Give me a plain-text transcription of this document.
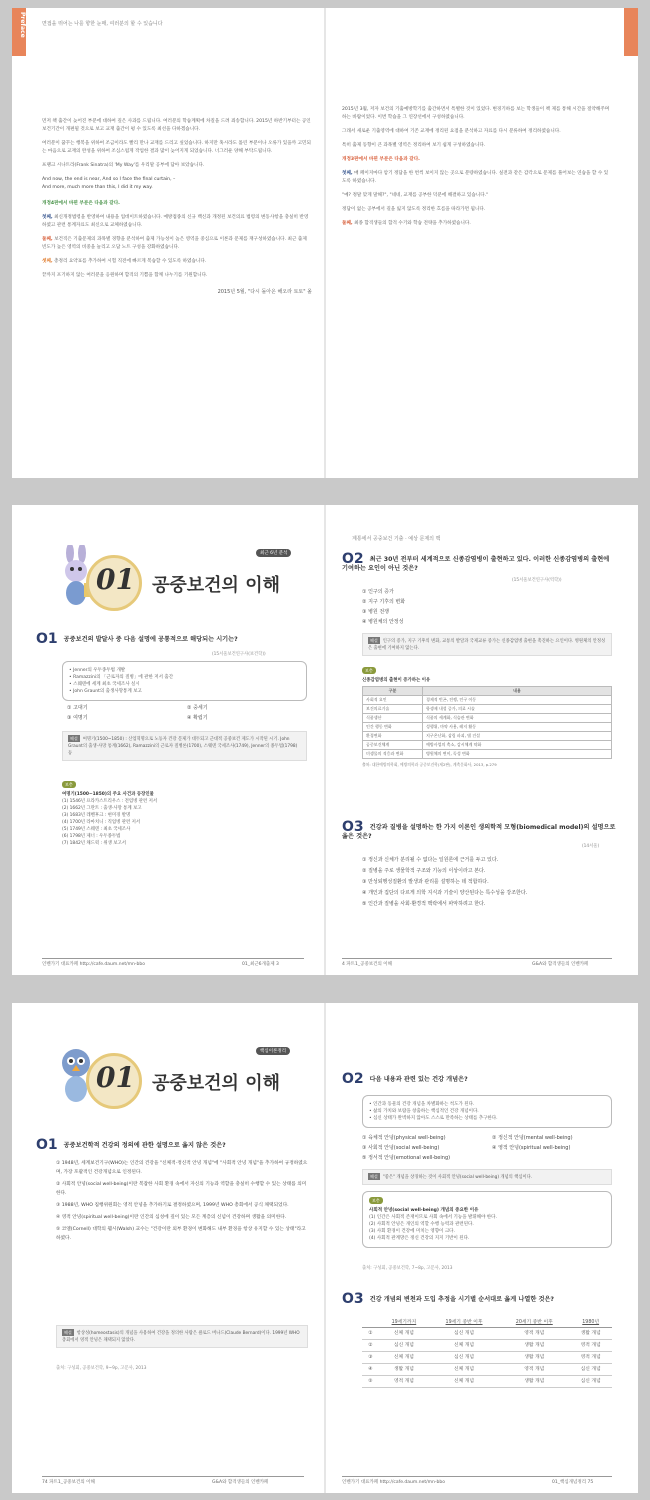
Preface	면접을 뛰어는 나를 향한 눈매, 여러분의 할 수 있습니다

먼저 책 출간이 늦어진 부분에 대하여 깊은 사과를 드립니다. 여러분의 학습계획에 차질을 드려 죄송합니다. 2015년 하반기부터는 공인보건기간이 개편될 것으로 보고 교재 출간이 평 수 있도록 최선을 다하겠습니다.

여러분이 꿈꾸는 행복을 위하여 조금이라도 빨리 만나 교재를 드리고 싶었습니다. 하지만 혹시라도 틀린 부분이나 오류가 있을까 고민되는 마음으로 교재의 완성을 위하여 조심스럽게 작업한 결과 많이 늦어지게 되었습니다. 너그러운 양해 부탁드립니다.

프랭크 시나트라(Frank Sinatra)의 'My Way'를 우리말 공부에 담아 보았습니다.

And now, the end is near, And so I face the final curtain, –
And more, much more than this, I did it my way.

개정4판에서 바뀐 부분은 다음과 같다.

첫째, 최신개정법령을 반영하여 내용을 업데이트하였습니다. 예방접종의 신규 백신과 개정된 보건의료 법령의 변동사항을 충실히 반영하였고 관련 통계자료도 최신으로 교체하였습니다.

둘째, 보건직은 기출문제의 과목별 경향을 분석하여 출제 가능성이 높은 영역을 중심으로 이론과 문제를 재구성하였습니다. 최근 출제 빈도가 높은 영역의 비중을 늘리고 오답 노트 구성을 강화하였습니다.

셋째, 총정리 요약표를 추가하여 시험 직전에 빠르게 복습할 수 있도록 하였습니다.

끝까지 포기하지 않는 여러분을 응원하며 합격의 기쁨을 함께 나누기를 기원합니다.

2015년 5월, "다시 돌아온 해오라 토토" 올

2015년 3월, 저자 보건의 기출예방학기를 출간하면서 특별한 것이 있었다. 변경기하를 보는 학생들이 책 제를 통해 시간을 절약해주며 하는 바람이었다. 이번 학습을 그 연장선에서 구성하였습니다.

그래서 새로운 기출영역에 대하여 기존 교재에 정리된 요점을 분석하고 자료를 다시 분류하여 정리하였습니다.

특히 출제 동향이 큰 과목별 영역은 정리하여 보기 쉽게 구성하였습니다.

개정3판에서 바뀐 부분은 다음과 같다.

첫째, 매 페이지마다 암기 정답을 한 번씩 보이지 않는 곳으로 분량하였습니다. 실전과 같은 감각으로 문제를 풀어보는 연습을 할 수 있도록 하였습니다.

"예? 정말 맞게 말해?", "네네, 교재를 공부한 덕분에 해결하고 있습니다."

정답이 없는 공부에서 길을 잃지 않도록 정리한 흐름을 따라가면 됩니다.

둘째, 최종 합격생들의 합격 수기와 학습 전략을 추가하였습니다.

01 공중보건의 이해
최근 6년 분석
O1 공중보건의 발달사 중 다음 설명에 공통적으로 해당되는 시기는?
(15서울보건연구사(보건학))
• Jenner의 우두종두법 개발
• Ramazzini의 「근로자의 질병」에 관한 저서 출간
• 스웨덴에 세계 최초 국세조사 실시
• John Graunt의 출생사망통계 보고
① 고대기	② 중세기
③ 여명기	④ 확립기
해설 여명기(1500~1850) : 산업혁명으로 노동자 건강 문제가 대두되고 근대적 공중보건 제도가 시작된 시기. John Graunt의 출생·사망 통계(1662), Ramazzini의 근로자 질병론(1700), 스웨덴 국세조사(1749), Jenner의 종두법(1798) 등
보충
여명기(1500~1850)의 주요 사건과 등장인물
(1) 1546년 프라카스트리우스 : 전염병 관련 저서
(2) 1662년 그란트 : 출생·사망 통계 보고
(3) 1683년 레벤후크 : 현미경 발명
(4) 1700년 라마치니 : 직업병 관련 저서
(5) 1749년 스웨덴 : 최초 국세조사
(6) 1798년 제너 : 우두종두법
(7) 1842년 채드윅 : 위생 보고서
인벤가기 대표카페 http://cafe.daum.net/mn-bbo	01_최근6개출제 3
계통에서 공중보건 기출 · 예상 문제의 맥
O2 최근 30년 전부터 세계적으로 신종감염병이 출현하고 있다. 이러한 신종감염병의 출현에 기여하는 요인이 아닌 것은?
(15서울보건연구사(역학))
① 인구의 증가
② 지구 기후의 변화
③ 병원 전쟁
④ 병원체의 안정성
해설 인구의 증가, 지구 기후의 변화, 교통의 발달과 국제교류 증가는 신종감염병 출현을 촉진하는 요인이다. 병원체의 안정성은 출현에 기여하지 않는다.
보충
신종감염병의 출현이 증가하는 이유
구분	내용
사회적 요인	경제적 빈곤, 전쟁, 인구 이동
보건의료기술	항생제 내성 증가, 의료 시술
식품생산	식품의 세계화, 식습관 변화
인간 행동 변화	성행위, 마약 사용, 레저 활동
환경변화	지구온난화, 삼림 파괴, 댐 건설
공중보건체계	예방사업의 축소, 감시체계 약화
미생물의 적응과 변화	병원체의 변이, 독성 변화
출처: 대한예방의학회, 예방의학과 공중보건학(제2판), 계축문화사, 2013, p.279
O3 건강과 질병을 설명하는 한 가지 이론인 생의학적 모형(biomedical model)의 설명으로 옳은 것은?
(14서울)
① 정신과 신체가 분리될 수 없다는 일원론에 근거를 두고 있다.
② 질병을 주로 생물학적 구조와 기능의 이상이라고 본다.
③ 만성퇴행성질환의 발생과 관리를 설명하는 데 적합하다.
④ 개인과 집단의 다르게 의학 지식과 기술이 양산된다는 특수성을 강조한다.
⑤ 인간과 질병을 사회·환경적 맥락에서 파악하려고 한다.
4 파트1_공중보건의 이해	G&A와 합격생들의 인벤카페
01 공중보건의 이해
핵심이론정리
O1 공중보건학적 건강의 정의에 관한 설명으로 옳지 않은 것은?
① 1948년, 세계보건기구(WHO)는 인간의 건강을 "신체적·정신적 안녕 개념"에 "사회적 안녕 개념"을 추가하여 규정하였으며, 가장 포괄적인 건강개념으로 인정된다.
② 사회적 안녕(social well-being)이란 복잡한 사회 환경 속에서 자신의 기능과 역할을 충실히 수행할 수 있는 상태를 의미한다.
③ 1988년, WHO 집행위원회는 영적 안녕을 추가하기로 결정하였으며, 1999년 WHO 총회에서 공식 채택되었다.
④ 영적 안녕(spiritual well-being)이란 인간의 심성에 깊이 있는 모든 계층의 신념이 건강하며 생활을 의미한다.
⑤ 코엘(Cornell) 대학의 웰시(Walsh) 교수는 "건강이란 외부 환경이 변화해도 내부 환경을 항상 유지할 수 있는 상태"라고 하였다.
해설 항상성(homeostasis)의 개념을 사용하여 건강을 정의한 사람은 클로드 버나드(Claude Bernard)이다. 1999년 WHO 총회에서 영적 안녕은 채택되지 않았다.
출처: 구성회, 공중보건학, 9~9p, 고문사, 2013
74 파트1_공중보건의 이해	G&A와 합격생들의 인벤카페
O2 다음 내용과 관련 있는 건강 개념은?
• 인간과 동물의 건강 개념을 차별화하는 척도가 된다.
• 삶의 가치와 보람을 창출하는 핵심적인 건강 개념이다.
• 심신 상태가 완벽하지 않아도 스스로 만족하는 상태를 추구한다.
① 육체적 안녕(physical well-being)	② 정신적 안녕(mental well-being)
③ 사회적 안녕(social well-being)	④ 영적 안녕(spiritual well-being)
⑤ 정서적 안녕(emotional well-being)
해설 "좋은" 개념을 상징하는 것이 사회적 안녕(social well-being) 개념의 핵심이다.
보충
사회적 안녕(social well-being) 개념의 중요한 이유
(1) 인간은 사회적 존재이므로 사회 속에서 기능을 발휘해야 한다.
(2) 사회적 안녕은 개인의 역할 수행 능력과 관련된다.
(3) 사회 환경이 건강에 미치는 영향이 크다.
(4) 사회적 관계망은 정신 건강의 지지 기반이 된다.
출처: 구성회, 공중보건학, 7~8p, 고문사, 2013
O3 건강 개념의 변천과 도입 추정을 시기별 순서대로 옳게 나열한 것은?
	19세기까지	19세기 중반 이후	20세기 중반 이후	1980년
①	신체 개념	심신 개념	영적 개념	생활 개념
②	심신 개념	신체 개념	생활 개념	영적 개념
③	신체 개념	심신 개념	생활 개념	영적 개념
④	생활 개념	신체 개념	영적 개념	심신 개념
⑤	영적 개념	신체 개념	생활 개념	심신 개념
인벤가기 대표카페 http://cafe.daum.net/mn-bbo	01_핵심개념정리 75
